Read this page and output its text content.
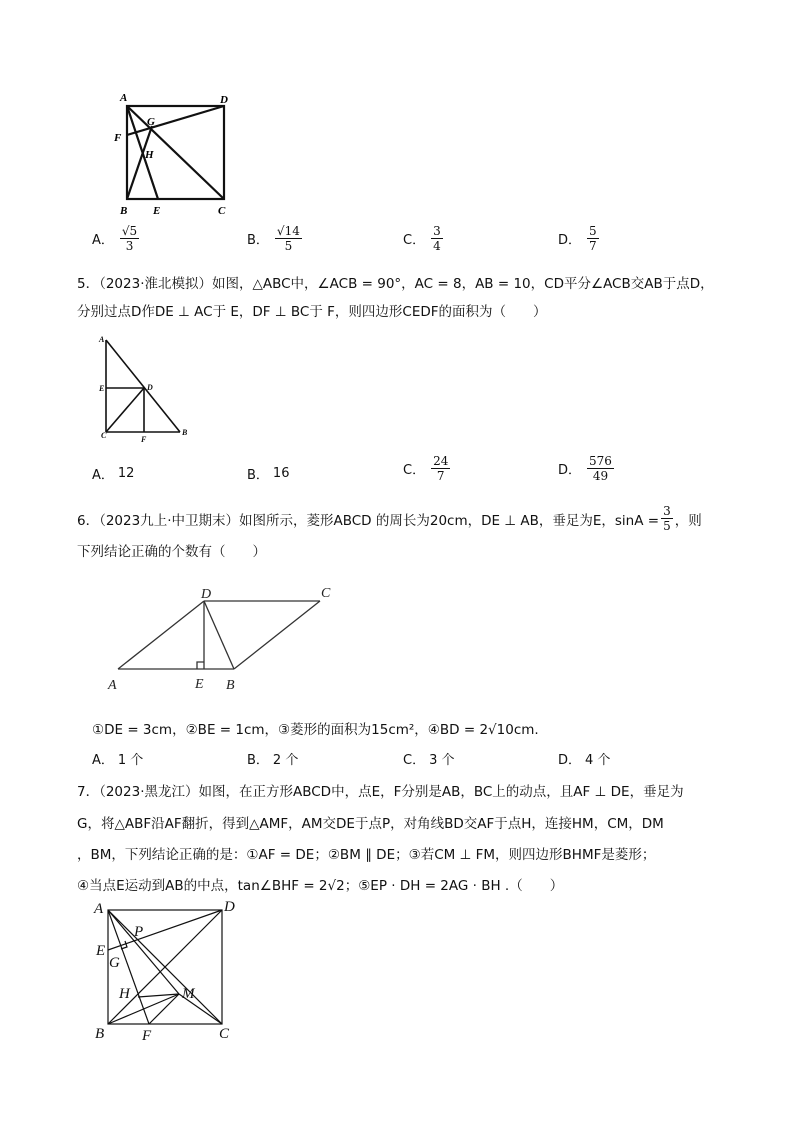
A	D
F
G
H
B E	C
A． $\frac{√5}{3}$	B． $\frac{√14}{5}$	C． $\frac{3}{4}$	D． $\frac{5}{7}$
5．（2023·淮北模拟）如图，△ABC中，∠ACB = 90°，AC = 8，AB = 10，CD平分∠ACB交AB于点D，
分别过点D作DE ⊥ AC于 E，DF ⊥ BC于 F，则四边形CEDF的面积为（　　）
A
E	D
C	F
B
A． 12	B． 16	C． $\frac{24}{7}$	D． $\frac{576}{49}$
6．（2023九上·中卫期末）如图所示，菱形ABCD 的周长为20cm，DE ⊥ AB，垂足为E，$\sin A = \frac{3}{5}$ ，则
下列结论正确的个数有（　　）
D	C
A	E B
①DE = 3cm，②BE = 1cm，③菱形的面积为15cm²，④BD = 2√10cm.
A． 1 个	B． 2 个	C． 3 个	D． 4 个
7．（2023·黑龙江）如图，在正方形ABCD中，点E，F分别是AB，BC上的动点，且AF ⊥ DE，垂足为
G，将△ABF沿AF翻折，得到△AMF，AM交DE于点P，对角线BD交AF于点H，连接HM，CM，DM
，BM，下列结论正确的是：①AF = DE；②BM ∥ DE；③若CM ⊥ FM，则四边形BHMF是菱形；
④当点E运动到AB的中点，tan∠BHF = 2√2；⑤EP · DH = 2AG · BH .（　　）
A	D
P
E
G
H	M
B	F	C
